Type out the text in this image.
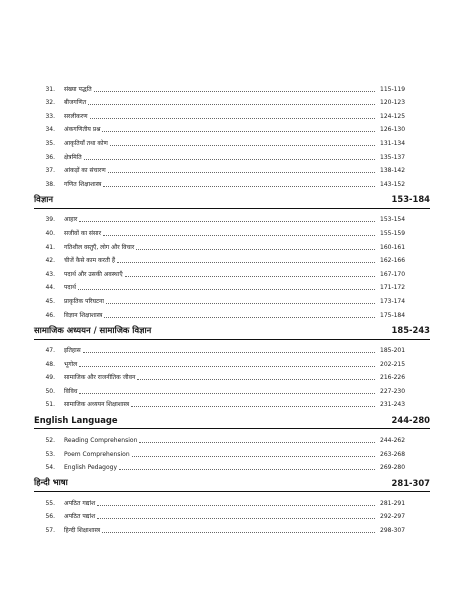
31.	संख्या पद्धति	115-119
32.	बीजगणित	120-123
33.	सरलीकरण	124-125
34.	अंकगणितीय प्रश्न	126-130
35.	आकृतियाँ तथा कोण	131-134
36.	क्षेत्रमिति	135-137
37.	आंकड़ों का संचारण	138-142
38.	गणित शिक्षाशास्त्र	143-152
विज्ञान	153-184
39.	आहार	153-154
40.	सजीवों का संसार	155-159
41.	गतिशील वस्तुएँ, लोग और विचार	160-161
42.	चीजें कैसे काम करती हैं	162-166
43.	पदार्थ और उसकी अवस्थाएँ	167-170
44.	पदार्थ	171-172
45.	प्राकृतिक परिघटना	173-174
46.	विज्ञान शिक्षाशास्त्र	175-184
सामाजिक अध्ययन / सामाजिक विज्ञान	185-243
47.	इतिहास	185-201
48.	भूगोल	202-215
49.	सामाजिक और राजनीतिक जीवन	216-226
50.	विविध	227-230
51.	सामाजिक अध्ययन शिक्षाशास्त्र	231-243
English Language	244-280
52.	Reading Comprehension	244-262
53.	Poem Comprehension	263-268
54.	English Pedagogy	269-280
हिन्दी भाषा	281-307
55.	अपठित गद्यांश	281-291
56.	अपठित पद्यांश	292-297
57.	हिन्दी शिक्षाशास्त्र	298-307
